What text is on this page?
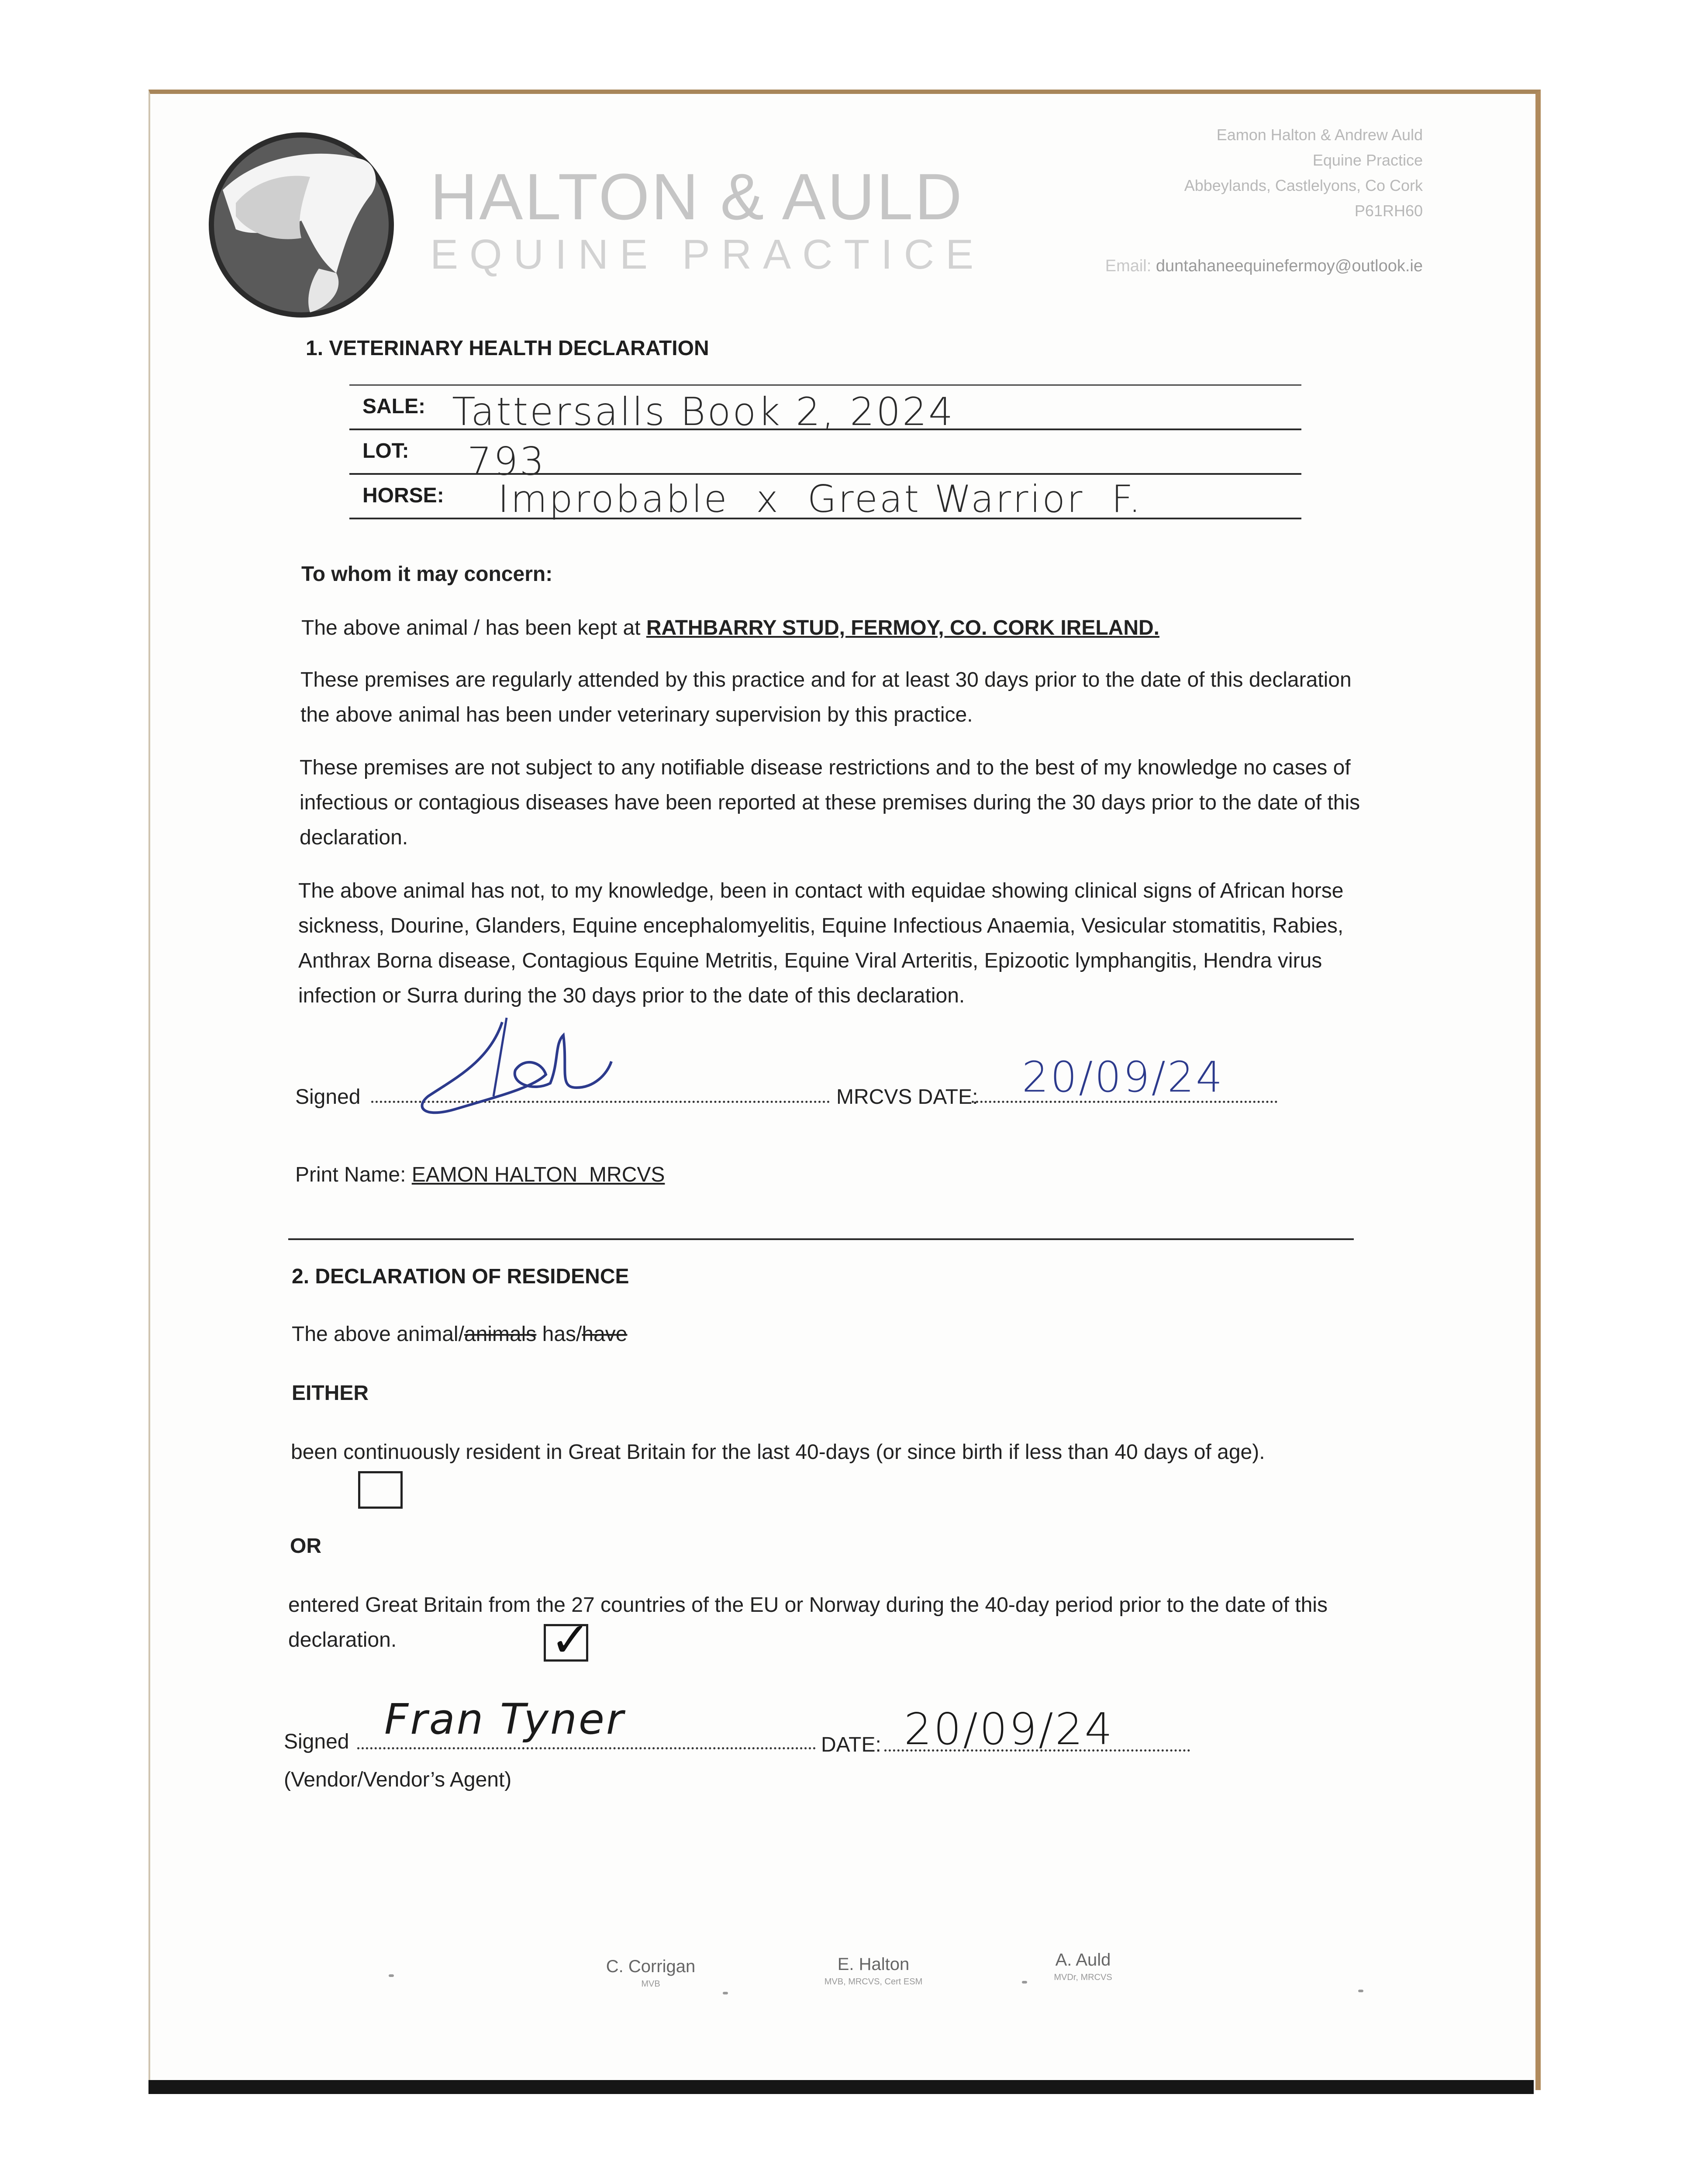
HALTON & AULD
EQUINE PRACTICE
Eamon Halton & Andrew Auld
Equine Practice
Abbeylands, Castlelyons, Co Cork
P61RH60
Email: duntahaneequinefermoy@outlook.ie
1. VETERINARY HEALTH DECLARATION
SALE: Tattersalls Book 2, 2024
LOT: 793
HORSE: Improbable  x  Great Warrior  F.
To whom it may concern:
The above animal / has been kept at RATHBARRY STUD, FERMOY, CO. CORK IRELAND.
These premises are regularly attended by this practice and for at least 30 days prior to the date of this declaration the above animal has been under veterinary supervision by this practice.
These premises are not subject to any notifiable disease restrictions and to the best of my knowledge no cases of infectious or contagious diseases have been reported at these premises during the 30 days prior to the date of this declaration.
The above animal has not, to my knowledge, been in contact with equidae showing clinical signs of African horse sickness, Dourine, Glanders, Equine encephalomyelitis, Equine Infectious Anaemia, Vesicular stomatitis, Rabies, Anthrax Borna disease, Contagious Equine Metritis, Equine Viral Arteritis, Epizootic lymphangitis, Hendra virus infection or Surra during the 30 days prior to the date of this declaration.
Signed	MRCVS DATE: 20/09/24
Print Name: EAMON HALTON  MRCVS
2. DECLARATION OF RESIDENCE
The above animal/animals has/have
EITHER
been continuously resident in Great Britain for the last 40-days (or since birth if less than 40 days of age).
OR
entered Great Britain from the 27 countries of the EU or Norway during the 40-day period prior to the date of this declaration.	✓
Signed Fran Tyner
DATE: 20/09/24
(Vendor/Vendor’s Agent)
C. Corrigan
MVB
E. Halton
MVB, MRCVS, Cert ESM
A. Auld
MVDr, MRCVS
